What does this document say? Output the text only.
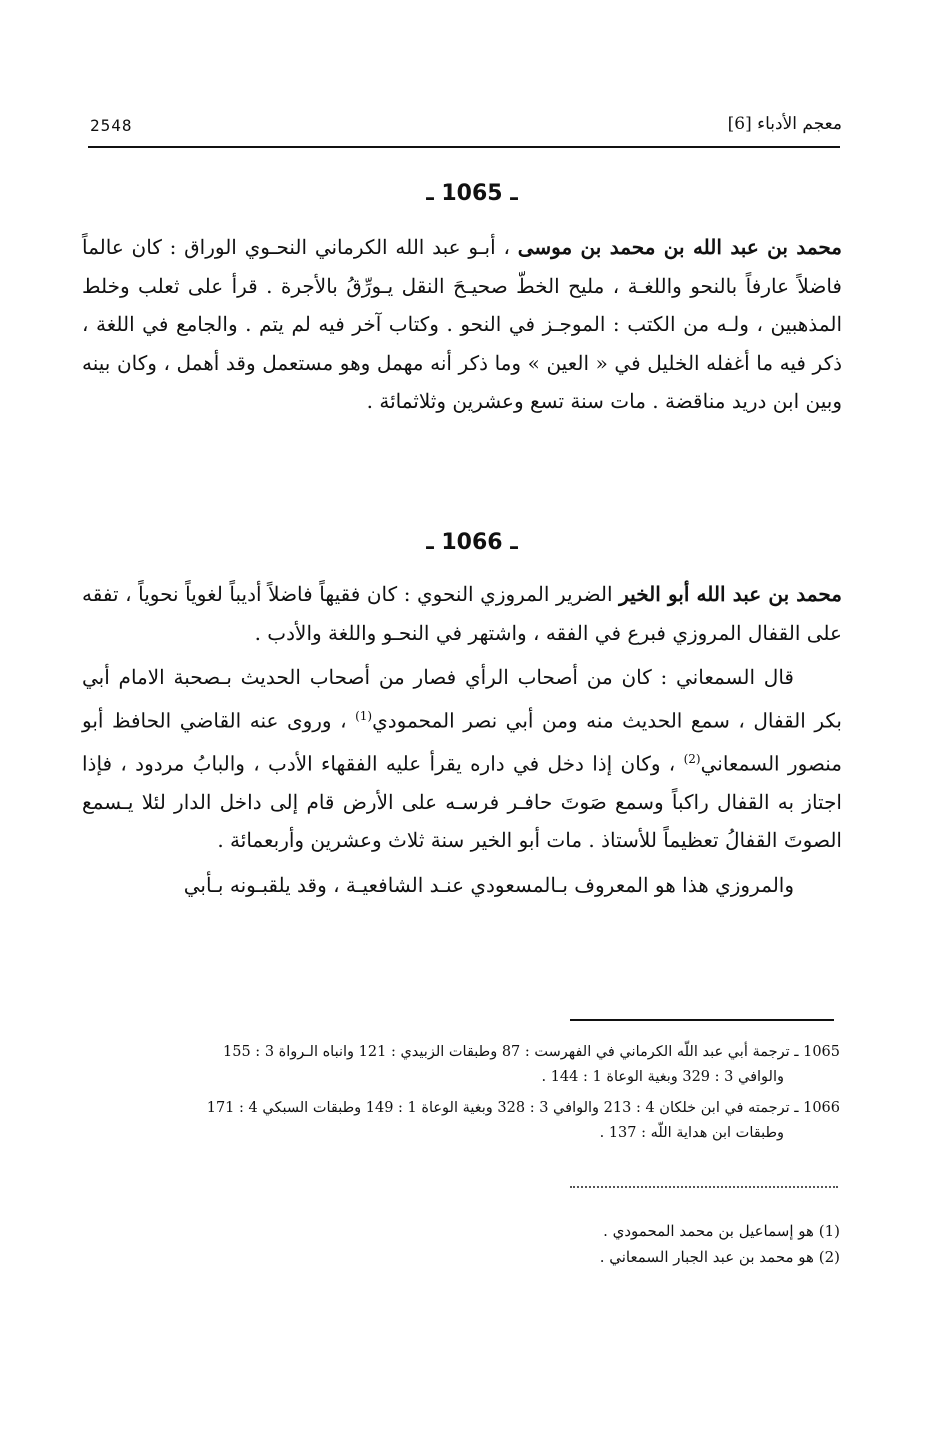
2548	معجم الأدباء [6]
ـ 1065 ـ

محمد بن عبد الله بن محمد بن موسى ، أبـو عبد الله الكرماني النحـوي الوراق : كان عالماً فاضلاً عارفاً بالنحو واللغـة ، مليح الخطّ صحيـحَ النقل يـورِّقُ بالأجرة . قرأ على ثعلب وخلط المذهبين ، ولـه من الكتب : الموجـز في النحو . وكتاب آخر فيه لم يتم . والجامع في اللغة ، ذكر فيه ما أغفله الخليل في « العين » وما ذكر أنه مهمل وهو مستعمل وقد أهمل ، وكان بينه وبين ابن دريد مناقضة . مات سنة تسع وعشرين وثلاثمائة .

ـ 1066 ـ

محمد بن عبد الله أبو الخير الضرير المروزي النحوي : كان فقيهاً فاضلاً أديباً لغوياً نحوياً ، تفقه على القفال المروزي فبرع في الفقه ، واشتهر في النحـو واللغة والأدب .

قال السمعاني : كان من أصحاب الرأي فصار من أصحاب الحديث بـصحبة الامام أبي بكر القفال ، سمع الحديث منه ومن أبي نصر المحمودي$^{(1)}$ ، وروى عنه القاضي الحافظ أبو منصور السمعاني$^{(2)}$ ، وكان إذا دخل في داره يقرأ عليه الفقهاء الأدب ، والبابُ مردود ، فإذا اجتاز به القفال راكباً وسمع صَوتَ حافـر فرسـه على الأرض قام إلى داخل الدار لئلا يـسمع الصوتَ القفالُ تعظيماً للأستاذ . مات أبو الخير سنة ثلاث وعشرين وأربعمائة .

والمروزي هذا هو المعروف بـالمسعودي عنـد الشافعيـة ، وقد يلقبـونه بـأبي

1065 ـ ترجمة أبي عبد اللّه الكرماني في الفهرست : 87 وطبقات الزبيدي : 121 وانباه الـرواة 3 : 155
والوافي 3 : 329 وبغية الوعاة 1 : 144 .

1066 ـ ترجمته في ابن خلكان 4 : 213 والوافي 3 : 328 وبغية الوعاة 1 : 149 وطبقات السبكي 4 : 171
وطبقات ابن هداية اللّه : 137 .

(1) هو إسماعيل بن محمد المحمودي .

(2) هو محمد بن عبد الجبار السمعاني .
